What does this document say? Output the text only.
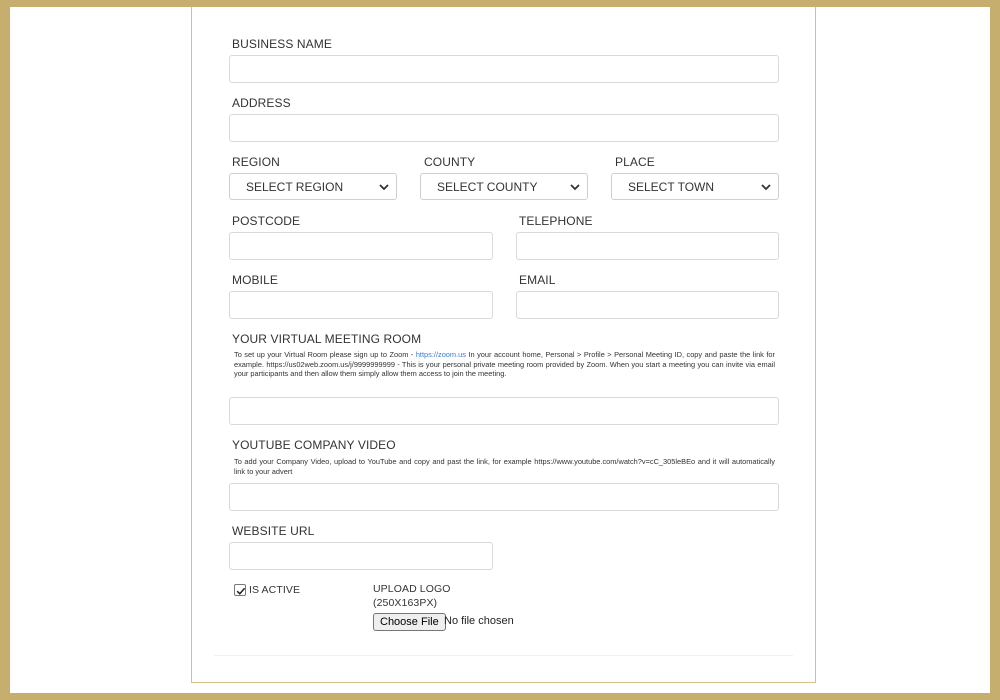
BUSINESS NAME
ADDRESS
REGION
SELECT REGION
COUNTY
SELECT COUNTY
PLACE
SELECT TOWN
POSTCODE	TELEPHONE
MOBILE	EMAIL
YOUR VIRTUAL MEETING ROOM
To set up your Virtual Room please sign up to Zoom - https://zoom.us In your account home, Personal > Profile > Personal Meeting ID, copy and paste the link for example. https://us02web.zoom.us/j/9999999999 - This is your personal private meeting room provided by Zoom. When you start a meeting you can invite via email your participants and then allow them simply allow them access to join the meeting.
YOUTUBE COMPANY VIDEO
To add your Company Video, upload to YouTube and copy and past the link, for example https://www.youtube.com/watch?v=cC_305leBEo and it will automatically link to your advert
WEBSITE URL
IS ACTIVE	UPLOAD LOGO
(250X163PX)
Choose File No file chosen
